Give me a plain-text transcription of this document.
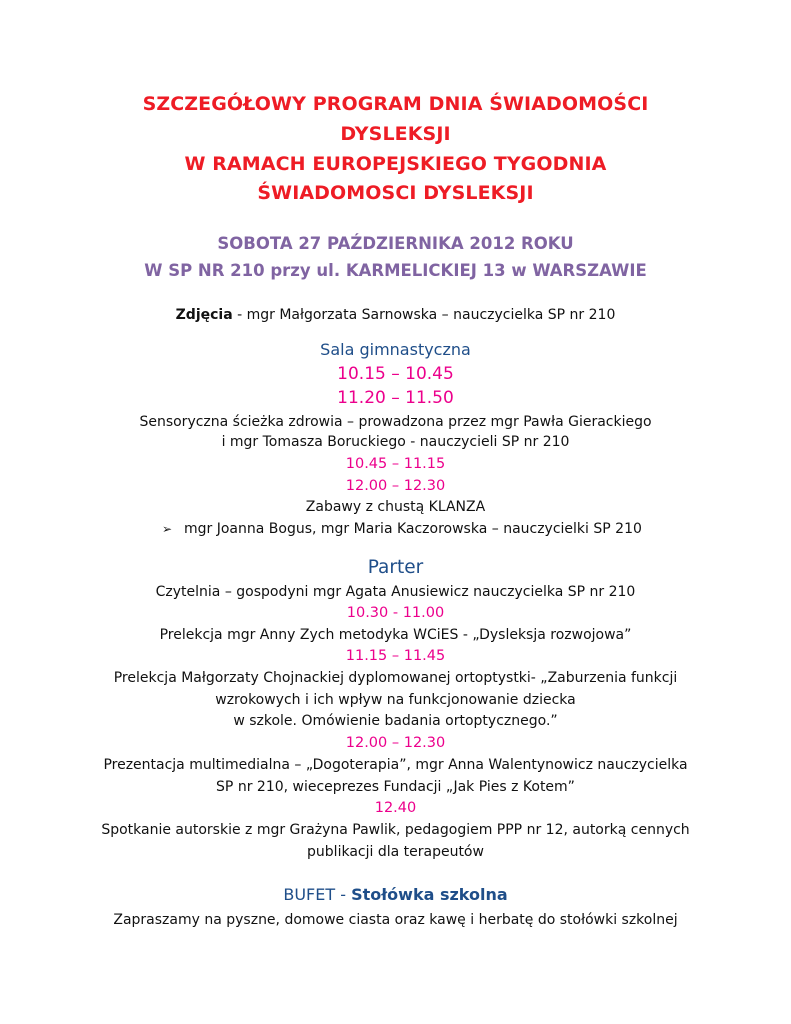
SZCZEGÓŁOWY PROGRAM DNIA ŚWIADOMOŚCI
DYSLEKSJI
W RAMACH EUROPEJSKIEGO TYGODNIA
ŚWIADOMOSCI DYSLEKSJI
SOBOTA 27 PAŹDZIERNIKA 2012 ROKU
W SP NR 210 przy ul. KARMELICKIEJ 13 w WARSZAWIE
Zdjęcia - mgr Małgorzata Sarnowska – nauczycielka SP nr 210
Sala gimnastyczna
10.15 – 10.45
11.20 – 11.50
Sensoryczna ścieżka zdrowia – prowadzona przez mgr Pawła Gierackiego
i mgr Tomasza Boruckiego - nauczycieli SP nr 210
10.45 – 11.15
12.00 – 12.30
Zabawy z chustą KLANZA
➢ mgr Joanna Bogus, mgr Maria Kaczorowska – nauczycielki SP 210
Parter
Czytelnia – gospodyni mgr Agata Anusiewicz nauczycielka SP nr 210
10.30 - 11.00
Prelekcja mgr Anny Zych metodyka WCiES - „Dysleksja rozwojowa”
11.15 – 11.45
Prelekcja Małgorzaty Chojnackiej dyplomowanej ortoptystki- „Zaburzenia funkcji
wzrokowych i ich wpływ na funkcjonowanie dziecka
w szkole. Omówienie badania ortoptycznego.”
12.00 – 12.30
Prezentacja multimedialna – „Dogoterapia”, mgr Anna Walentynowicz nauczycielka
SP nr 210, wieceprezes Fundacji „Jak Pies z Kotem”
12.40
Spotkanie autorskie z mgr Grażyna Pawlik, pedagogiem PPP nr 12, autorką cennych
publikacji dla terapeutów
BUFET - Stołówka szkolna
Zapraszamy na pyszne, domowe ciasta oraz kawę i herbatę do stołówki szkolnej
